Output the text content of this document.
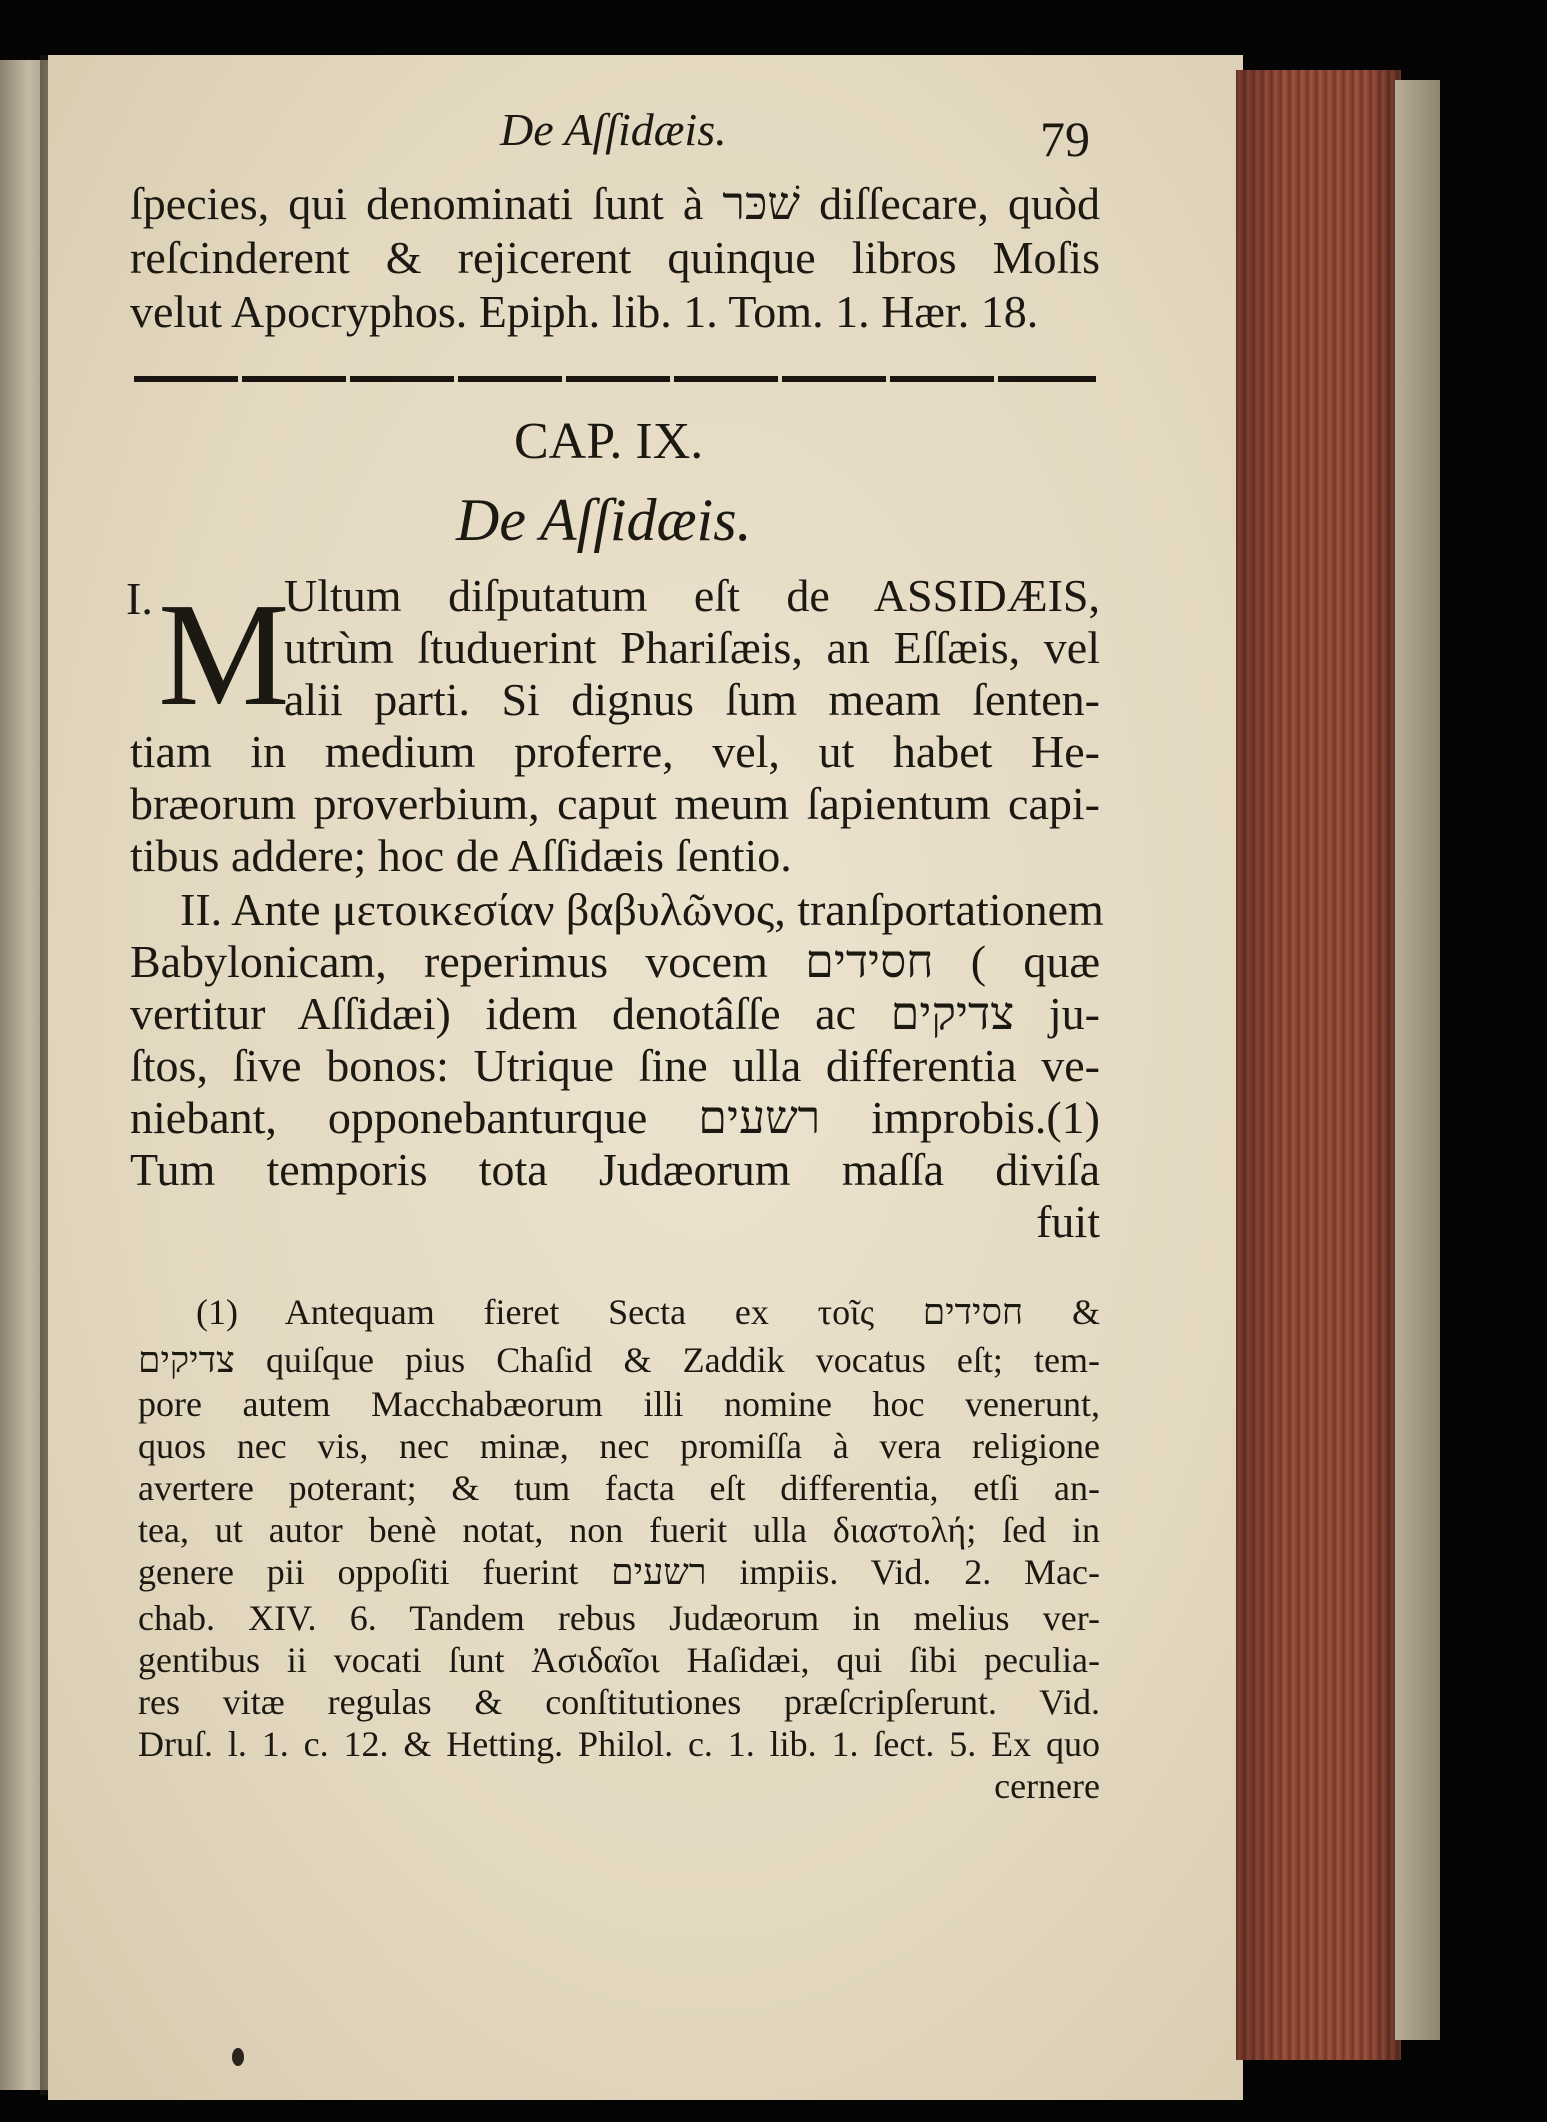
De Aſſidæis.	79
ſpecies, qui denominati ſunt à שׁכּר diſſecare, quòd
reſcinderent & rejicerent quinque libros Moſis
velut Apocryphos. Epiph. lib. 1. Tom. 1. Hær. 18.
CAP. IX.
De Aſſidæis.
I. M
Ultum diſputatum eſt de ASSIDÆIS,
utrùm ſtuduerint Phariſæis, an Eſſæis, vel
alii parti. Si dignus ſum meam ſenten-
tiam in medium proferre, vel, ut habet He-
bræorum proverbium, caput meum ſapientum capi-
tibus addere; hoc de Aſſidæis ſentio.
II. Ante μετοικεσίαν βαβυλῶνος, tranſportationem
Babylonicam, reperimus vocem חסידים ( quæ
vertitur Aſſidæi) idem denotâſſe ac צדיקים ju-
ſtos, ſive bonos: Utrique ſine ulla differentia ve-
niebant, opponebanturque רשעים improbis.(1)
Tum temporis tota Judæorum maſſa diviſa
fuit
(1) Antequam fieret Secta ex τοῖς חסידים &
צדיקים quiſque pius Chaſid & Zaddik vocatus eſt; tem-
pore autem Macchabæorum illi nomine hoc venerunt,
quos nec vis, nec minæ, nec promiſſa à vera religione
avertere poterant; & tum facta eſt differentia, etſi an-
tea, ut autor benè notat, non fuerit ulla διαστολή; ſed in
genere pii oppoſiti fuerint רשעים impiis. Vid. 2. Mac-
chab. XIV. 6. Tandem rebus Judæorum in melius ver-
gentibus ii vocati ſunt Ἀσιδαῖοι Haſidæi, qui ſibi peculia-
res vitæ regulas & conſtitutiones præſcripſerunt. Vid.
Druſ. l. 1. c. 12. & Hetting. Philol. c. 1. lib. 1. ſect. 5. Ex quo
cernere
